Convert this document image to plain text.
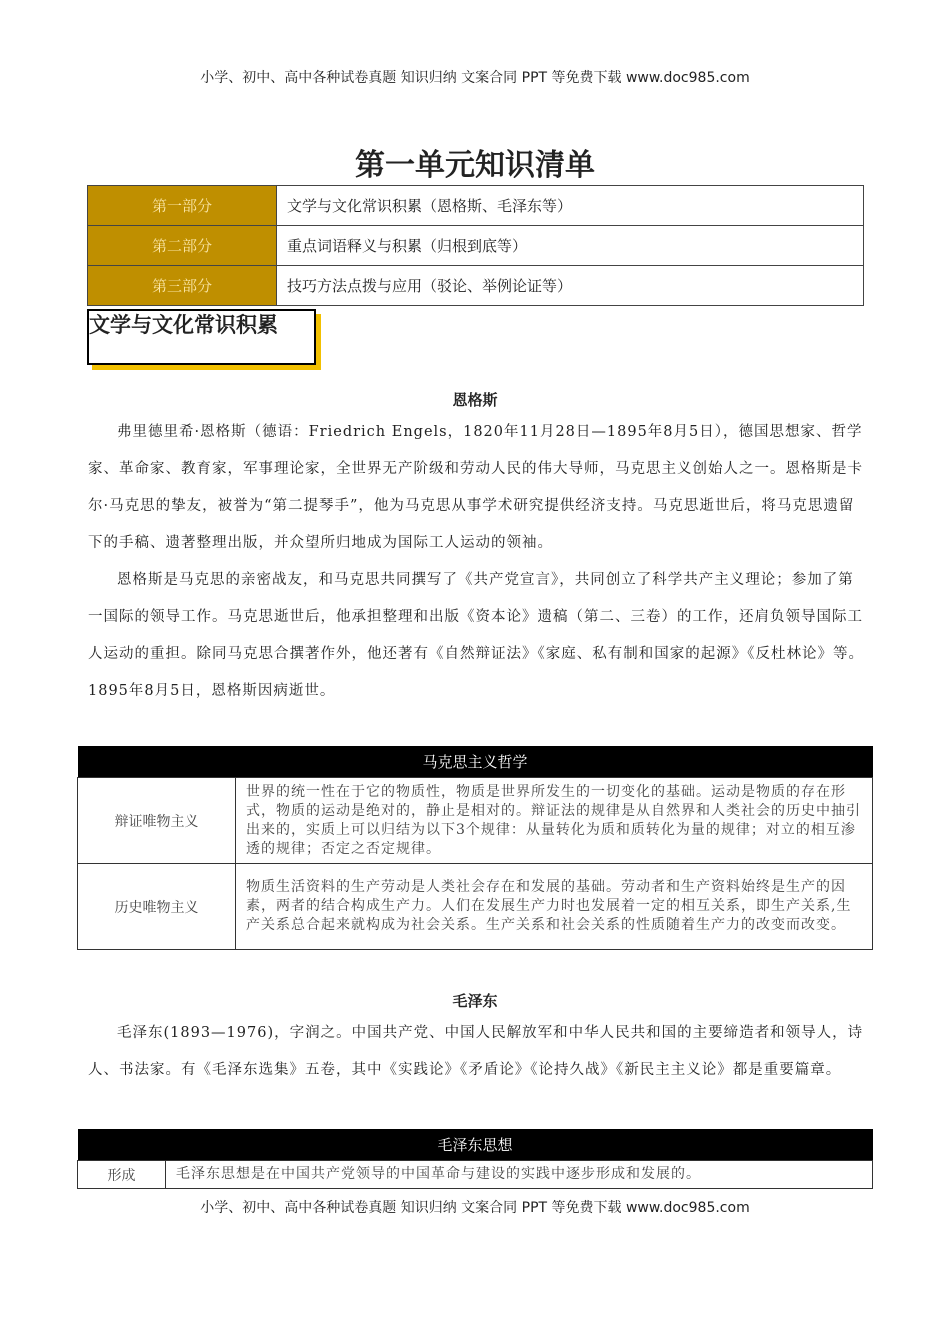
小学、初中、高中各种试卷真题 知识归纳 文案合同 PPT 等免费下载 www.doc985.com
第一单元知识清单
第一部分	文学与文化常识积累（恩格斯、毛泽东等）
第二部分	重点词语释义与积累（归根到底等）
第三部分	技巧方法点拨与应用（驳论、举例论证等）
文学与文化常识积累
恩格斯

弗里德里希·恩格斯（德语：Friedrich Engels，1820年11月28日—1895年8月5日），德国思想家、哲学家、革命家、教育家，军事理论家，全世界无产阶级和劳动人民的伟大导师，马克思主义创始人之一。恩格斯是卡尔·马克思的挚友，被誉为“第二提琴手”，他为马克思从事学术研究提供经济支持。马克思逝世后，将马克思遗留下的手稿、遗著整理出版，并众望所归地成为国际工人运动的领袖。

恩格斯是马克思的亲密战友，和马克思共同撰写了《共产党宣言》，共同创立了科学共产主义理论；参加了第一国际的领导工作。马克思逝世后，他承担整理和出版《资本论》遗稿（第二、三卷）的工作，还肩负领导国际工人运动的重担。除同马克思合撰著作外，他还著有《自然辩证法》《家庭、私有制和国家的起源》《反杜林论》等。1895年8月5日，恩格斯因病逝世。

马克思主义哲学	
辩证唯物主义	世界的统一性在于它的物质性，物质是世界所发生的一切变化的基础。运动是物质的存在形式，物质的运动是绝对的，静止是相对的。辩证法的规律是从自然界和人类社会的历史中抽引出来的，实质上可以归结为以下3个规律：从量转化为质和质转化为量的规律；对立的相互渗透的规律；否定之否定规律。
历史唯物主义	物质生活资料的生产劳动是人类社会存在和发展的基础。劳动者和生产资料始终是生产的因素，两者的结合构成生产力。人们在发展生产力时也发展着一定的相互关系，即生产关系,生产关系总合起来就构成为社会关系。生产关系和社会关系的性质随着生产力的改变而改变。
毛泽东

毛泽东(1893—1976)，字润之。中国共产党、中国人民解放军和中华人民共和国的主要缔造者和领导人，诗人、书法家。有《毛泽东选集》五卷，其中《实践论》《矛盾论》《论持久战》《新民主主义论》都是重要篇章。

毛泽东思想
形成	毛泽东思想是在中国共产党领导的中国革命与建设的实践中逐步形成和发展的。
小学、初中、高中各种试卷真题 知识归纳 文案合同 PPT 等免费下载 www.doc985.com
